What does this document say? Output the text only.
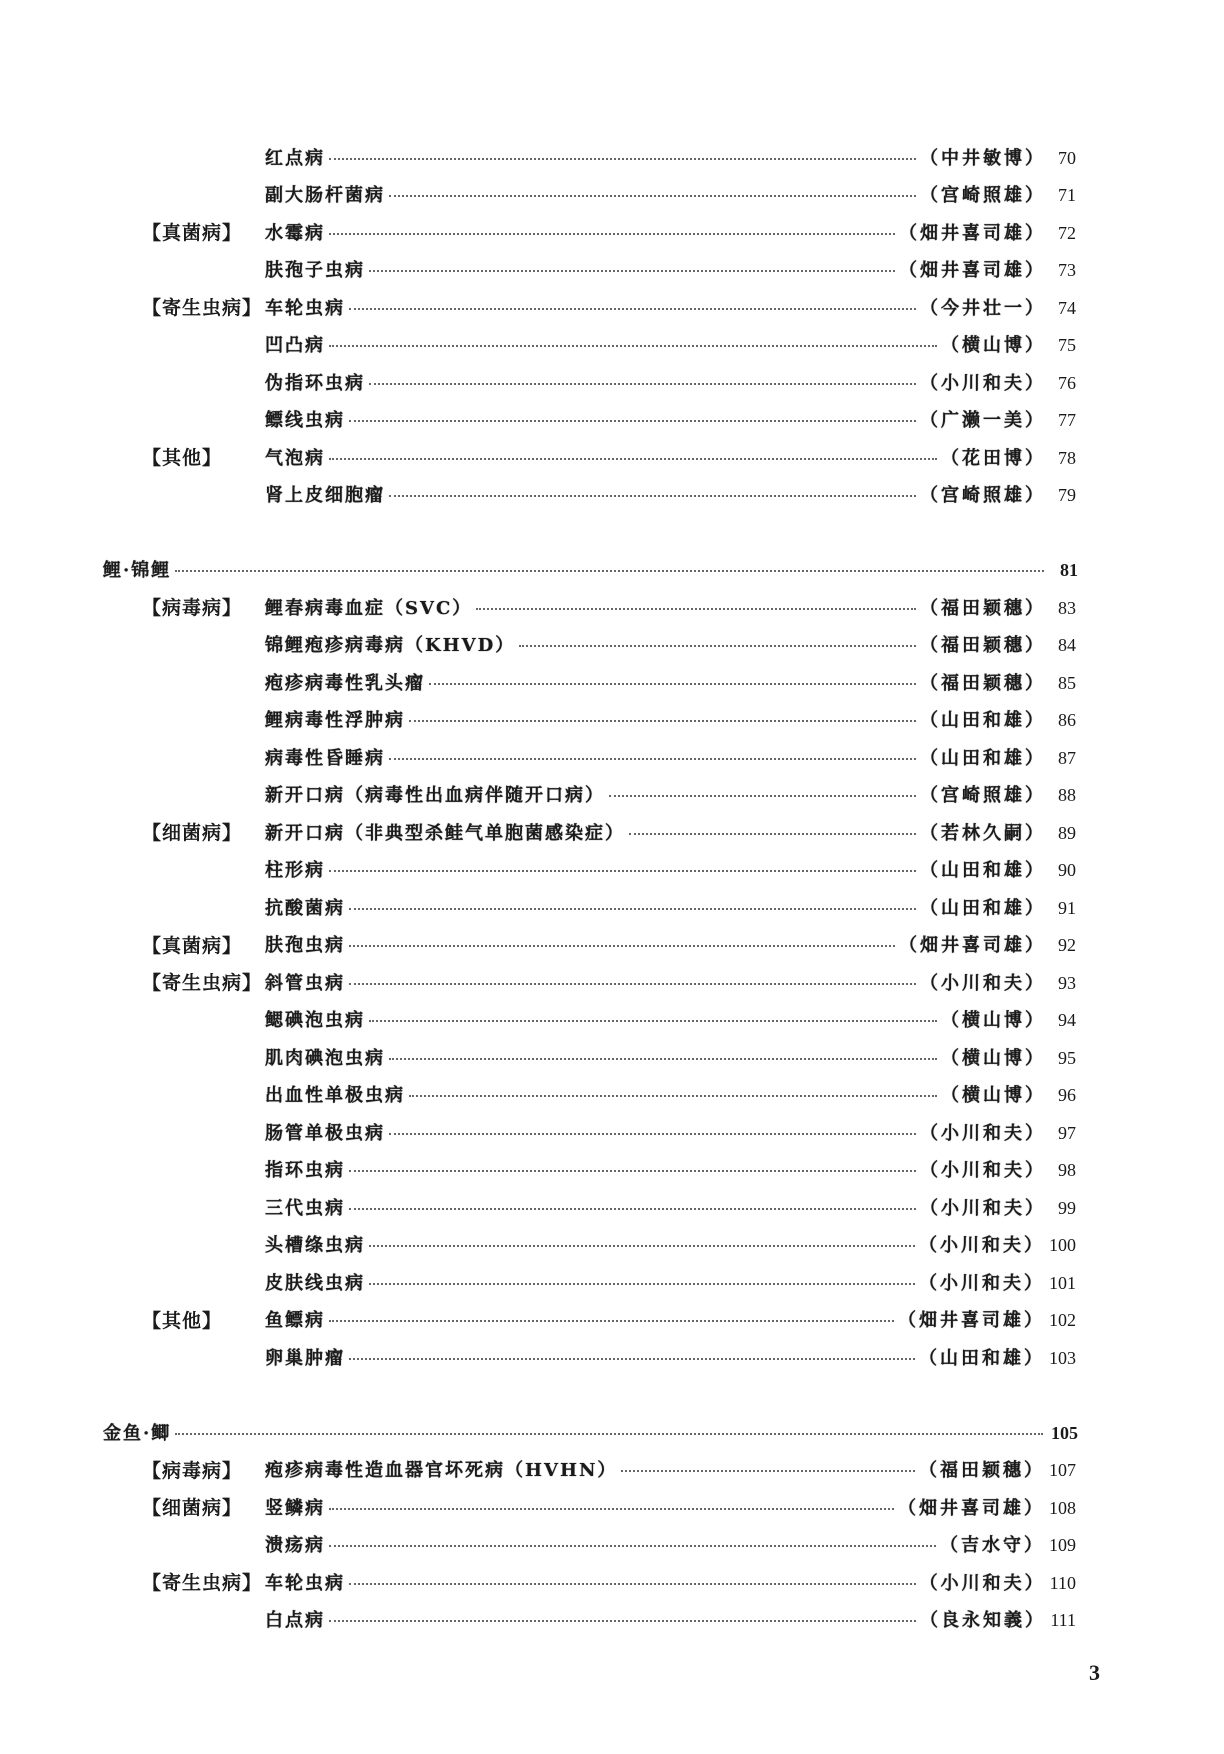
红点病	（中井敏博） 70
副大肠杆菌病	（宫崎照雄） 71
【真菌病】 水霉病	（畑井喜司雄） 72
肤孢子虫病	（畑井喜司雄） 73
【寄生虫病】 车轮虫病	（今井壮一） 74
凹凸病	（横山博） 75
伪指环虫病	（小川和夫） 76
鳔线虫病	（广濑一美） 77
【其他】 气泡病	（花田博） 78
肾上皮细胞瘤	（宫崎照雄） 79
鲤·锦鲤	81
【病毒病】 鲤春病毒血症（SVC）	（福田颖穗） 83
锦鲤疱疹病毒病（KHVD）	（福田颖穗） 84
疱疹病毒性乳头瘤	（福田颖穗） 85
鲤病毒性浮肿病	（山田和雄） 86
病毒性昏睡病	（山田和雄） 87
新开口病（病毒性出血病伴随开口病）	（宫崎照雄） 88
【细菌病】 新开口病（非典型杀鲑气单胞菌感染症）	（若林久嗣） 89
柱形病	（山田和雄） 90
抗酸菌病	（山田和雄） 91
【真菌病】 肤孢虫病	（畑井喜司雄） 92
【寄生虫病】 斜管虫病	（小川和夫） 93
鳃碘泡虫病	（横山博） 94
肌肉碘泡虫病	（横山博） 95
出血性单极虫病	（横山博） 96
肠管单极虫病	（小川和夫） 97
指环虫病	（小川和夫） 98
三代虫病	（小川和夫） 99
头槽绦虫病	（小川和夫） 100
皮肤线虫病	（小川和夫） 101
【其他】 鱼鳔病	（畑井喜司雄） 102
卵巢肿瘤	（山田和雄） 103
金鱼·鲫	105
【病毒病】 疱疹病毒性造血器官坏死病（HVHN）	（福田颖穗） 107
【细菌病】 竖鳞病	（畑井喜司雄） 108
溃疡病	（吉水守） 109
【寄生虫病】 车轮虫病	（小川和夫） 110
白点病	（良永知義） 111
3
